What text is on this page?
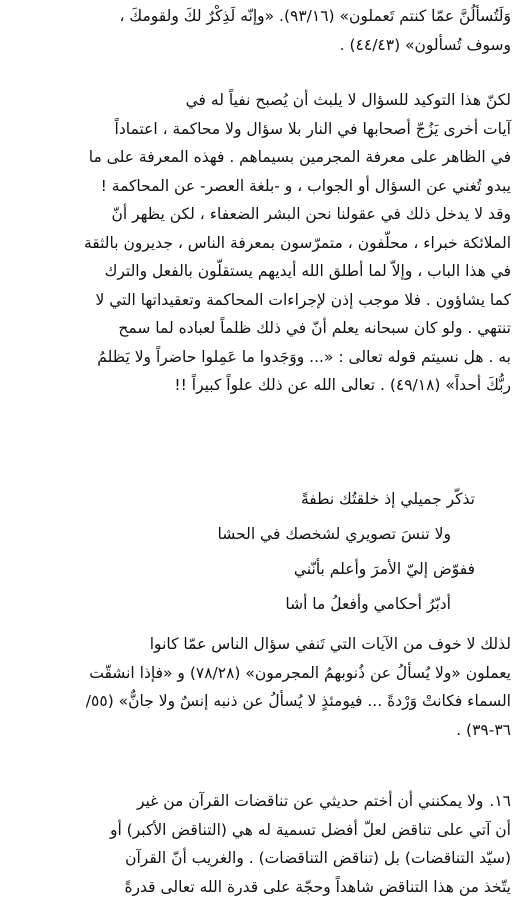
وَلَتُسألُنَّ عمّا كنتم تَعملون» (٩٣/١٦). «وإنّه لَذِكْرٌ لكَ ولقومكَ ،
وسوف تُسألون» (٤٤/٤٣) .

لكنّ هذا التوكيد للسؤال لا يلبث أن يُصبح نفياً له في
آيات أخرى يَزُجّ أصحابها في النار بلا سؤال ولا محاكمة ، اعتماداً
في الظاهر على معرفة المجرمين بسيماهم . فهذه المعرفة على ما
يبدو تُغني عن السؤال أو الجواب ، و -بلغة العصر- عن المحاكمة !
وقد لا يدخل ذلك في عقولنا نحن البشر الضعفاء ، لكن يظهر أنّ
الملائكة خبراء ، محلّفون ، متمرّسون بمعرفة الناس ، جديرون بالثقة
في هذا الباب ، وإلاّ لما أطلق الله أيديهم يستقلّون بالفعل والترك
كما يشاؤون . فلا موجب إذن لإجراءات المحاكمة وتعقيداتها التي لا
تنتهي . ولو كان سبحانه يعلم أنّ في ذلك ظلماً لعباده لما سمح
به . هل نسيتم قوله تعالى : «... ووَجَدوا ما عَمِلوا حاضراً ولا يَظلمُ
ربُّكَ أحداً» (٤٩/١٨) . تعالى الله عن ذلك علواً كبيراً !!

تذكّر جميلي إذ خلقتُك نطفةً
ولا تنسَ تصويري لشخصك في الحشا
ففوّض إليّ الأمرَ وأعلم بأنّني
أدبّرُ أحكامي وأفعلُ ما أشا

لذلك لا خوف من الآيات التي تَنفي سؤال الناس عمّا كانوا
يعملون «ولا يُسألُ عن ذُنوبهمُ المجرمون» (٧٨/٢٨) و «فإذا انشقّت
السماء فكانتْ وَرْدةً ... فيومئذٍ لا يُسألُ عن ذنبه إنسٌ ولا جانٌّ» (٥٥/
٣٦-٣٩) .

١٦.ولا يمكنني أن أختم حديثي عن تناقضات القرآن من غير
أن آتي على تناقض لعلّ أفضل تسمية له هي (التناقض الأكبر) أو
(سيّد التناقضات) بل (تناقض التناقضات) . والغريب أنّ القرآن
يتّخذ من هذا التناقض شاهداً وحجّة على قدرة الله تعالى قدرةً
